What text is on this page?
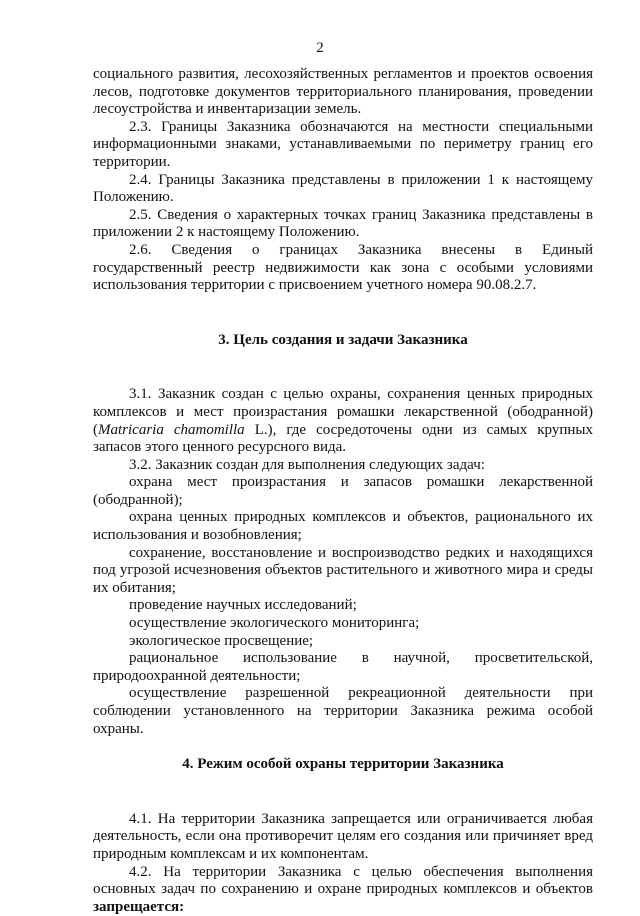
2

социального развития, лесохозяйственных регламентов и проектов освоения лесов, подготовке документов территориального планирования, проведении лесоустройства и инвентаризации земель.

2.3. Границы Заказника обозначаются на местности специальными информационными знаками, устанавливаемыми по периметру границ его территории.

2.4. Границы Заказника представлены в приложении 1 к настоящему Положению.

2.5. Сведения о характерных точках границ Заказника представлены в приложении 2 к настоящему Положению.

2.6. Сведения о границах Заказника внесены в Единый государственный реестр недвижимости как зона с особыми условиями использования территории с присвоением учетного номера 90.08.2.7.

3. Цель создания и задачи Заказника

3.1. Заказник создан с целью охраны, сохранения ценных природных комплексов и мест произрастания ромашки лекарственной (ободранной) (Matricaria chamomilla L.), где сосредоточены одни из самых крупных запасов этого ценного ресурсного вида.

3.2. Заказник создан для выполнения следующих задач:

охрана мест произрастания и запасов ромашки лекарственной (ободранной);

охрана ценных природных комплексов и объектов, рационального их использования и возобновления;

сохранение, восстановление и воспроизводство редких и находящихся под угрозой исчезновения объектов растительного и животного мира и среды их обитания;

проведение научных исследований;

осуществление экологического мониторинга;

экологическое просвещение;

рациональное использование в научной, просветительской, природоохранной деятельности;

осуществление разрешенной рекреационной деятельности при соблюдении установленного на территории Заказника режима особой охраны.

4. Режим особой охраны территории Заказника

4.1. На территории Заказника запрещается или ограничивается любая деятельность, если она противоречит целям его создания или причиняет вред природным комплексам и их компонентам.

4.2. На территории Заказника с целью обеспечения выполнения основных задач по сохранению и охране природных комплексов и объектов запрещается:
